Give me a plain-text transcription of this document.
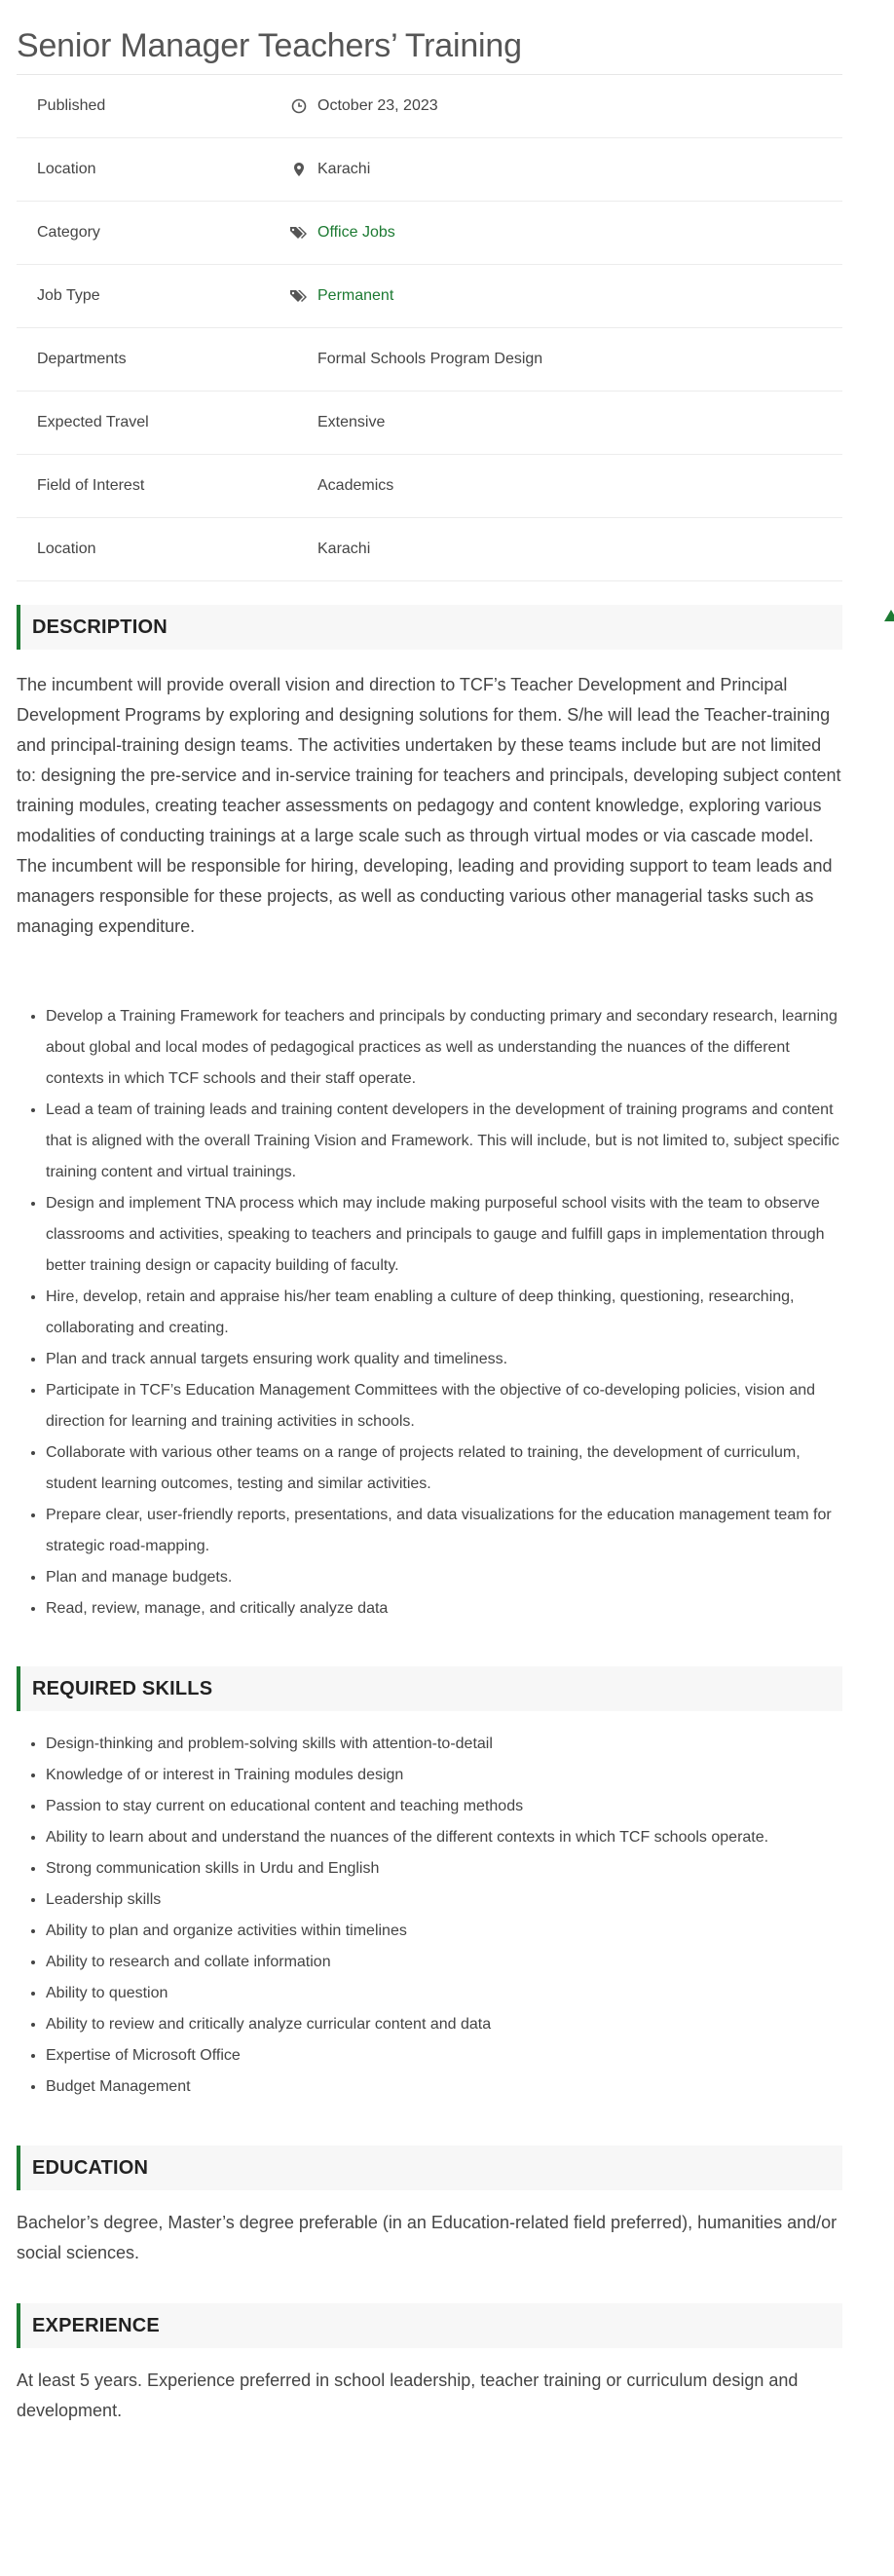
Senior Manager Teachers’ Training
Published		October 23, 2023
Location		Karachi
Category		Office Jobs
Job Type		Permanent
Departments		Formal Schools Program Design
Expected Travel		Extensive
Field of Interest		Academics
Location		Karachi
DESCRIPTION

The incumbent will provide overall vision and direction to TCF’s Teacher Development and Principal Development Programs by exploring and designing solutions for them. S/he will lead the Teacher-training and principal-training design teams. The activities undertaken by these teams include but are not limited to: designing the pre-service and in-service training for teachers and principals, developing subject content training modules, creating teacher assessments on pedagogy and content knowledge, exploring various modalities of conducting trainings at a large scale such as through virtual modes or via cascade model. The incumbent will be responsible for hiring, developing, leading and providing support to team leads and managers responsible for these projects, as well as conducting various other managerial tasks such as managing expenditure.

• Develop a Training Framework for teachers and principals by conducting primary and secondary research, learning about global and local modes of pedagogical practices as well as understanding the nuances of the different contexts in which TCF schools and their staff operate.
• Lead a team of training leads and training content developers in the development of training programs and content that is aligned with the overall Training Vision and Framework. This will include, but is not limited to, subject specific training content and virtual trainings.
• Design and implement TNA process which may include making purposeful school visits with the team to observe classrooms and activities, speaking to teachers and principals to gauge and fulfill gaps in implementation through better training design or capacity building of faculty.
• Hire, develop, retain and appraise his/her team enabling a culture of deep thinking, questioning, researching, collaborating and creating.
• Plan and track annual targets ensuring work quality and timeliness.
• Participate in TCF’s Education Management Committees with the objective of co-developing policies, vision and direction for learning and training activities in schools.
• Collaborate with various other teams on a range of projects related to training, the development of curriculum, student learning outcomes, testing and similar activities.
• Prepare clear, user-friendly reports, presentations, and data visualizations for the education management team for strategic road-mapping.
• Plan and manage budgets.
• Read, review, manage, and critically analyze data
REQUIRED SKILLS
• Design-thinking and problem-solving skills with attention-to-detail
• Knowledge of or interest in Training modules design
• Passion to stay current on educational content and teaching methods
• Ability to learn about and understand the nuances of the different contexts in which TCF schools operate.
• Strong communication skills in Urdu and English
• Leadership skills
• Ability to plan and organize activities within timelines
• Ability to research and collate information
• Ability to question
• Ability to review and critically analyze curricular content and data
• Expertise of Microsoft Office
• Budget Management
EDUCATION

Bachelor’s degree, Master’s degree preferable (in an Education-related field preferred), humanities and/or social sciences.

EXPERIENCE

At least 5 years. Experience preferred in school leadership, teacher training or curriculum design and development.
